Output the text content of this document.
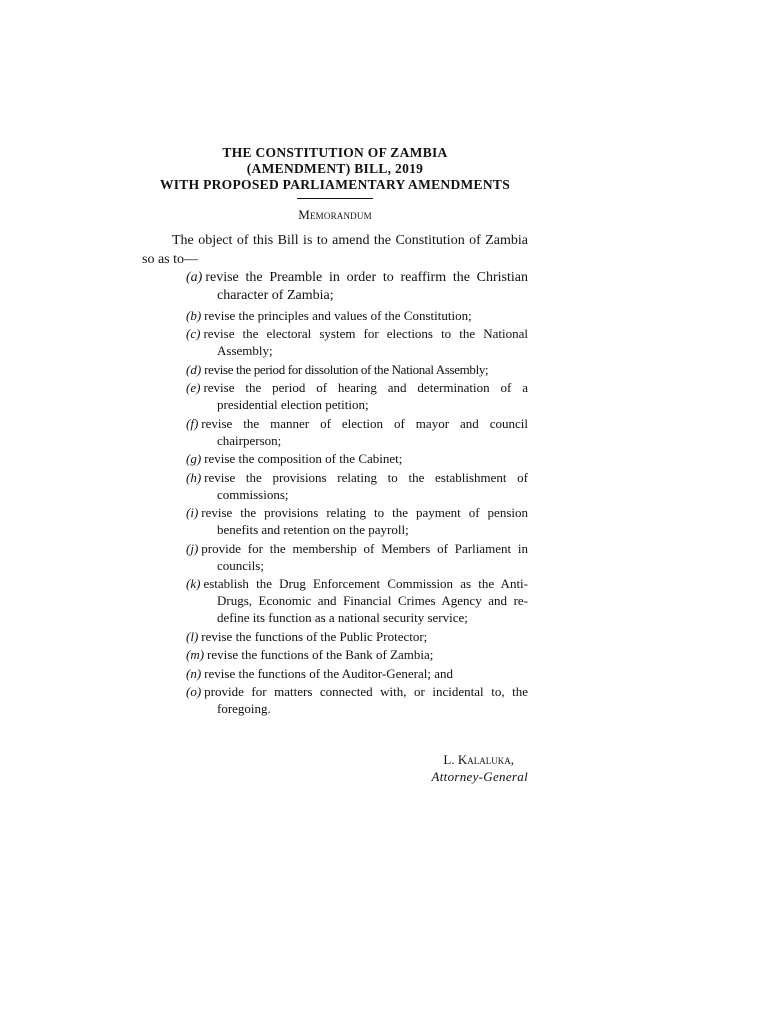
THE CONSTITUTION OF ZAMBIA
(AMENDMENT) BILL, 2019
WITH PROPOSED PARLIAMENTARY AMENDMENTS
Memorandum

The object of this Bill is to amend the Constitution of Zambia so as to—

(a) revise the Preamble in order to reaffirm the Christian character of Zambia;
(b) revise the principles and values of the Constitution;
(c) revise the electoral system for elections to the National Assembly;
(d) revise the period for dissolution of the National Assembly;
(e) revise the period of hearing and determination of a presidential election petition;
(f) revise the manner of election of mayor and council chairperson;
(g) revise the composition of the Cabinet;
(h) revise the provisions relating to the establishment of commissions;
(i) revise the provisions relating to the payment of pension benefits and retention on the payroll;
(j) provide for the membership of Members of Parliament in councils;
(k) establish the Drug Enforcement Commission as the Anti-Drugs, Economic and Financial Crimes Agency and re-define its function as a national security service;
(l) revise the functions of the Public Protector;
(m) revise the functions of the Bank of Zambia;
(n) revise the functions of the Auditor-General; and
(o) provide for matters connected with, or incidental to, the foregoing.
L. Kalaluka,
Attorney-General
